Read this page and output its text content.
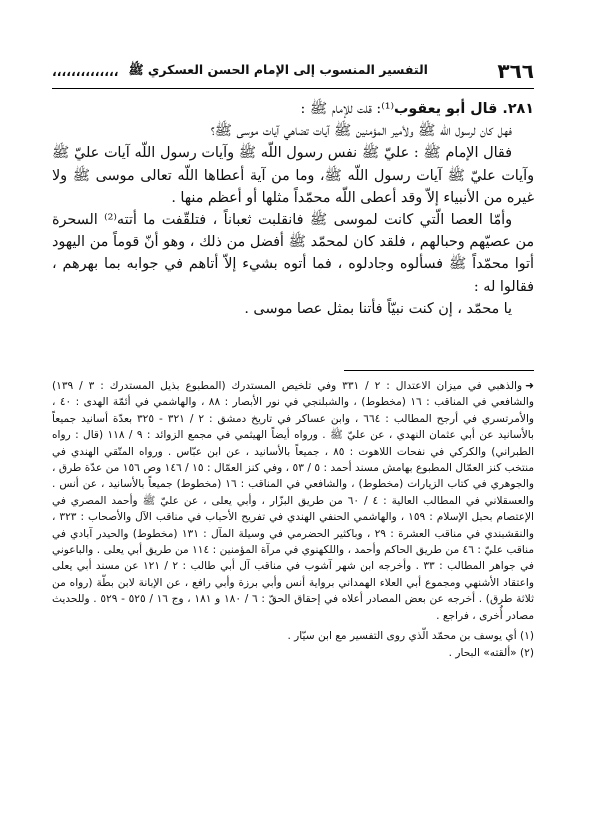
٣٦٦
التفسير المنسوب إلى الإمام الحسن العسكري ﷺ
،،،،،،،،،،،،،،

٢٨١. قال أبو يعقوب⁽¹⁾: قلت للإمام ﷺ :

فهل كان لرسول اللّه ﷺ ولأمير المؤمنين ﷺ آيات تضاهي آيات موسى ﷺ؟

فقال الإمام ﷺ : عليّ ﷺ نفس رسول اللّه ﷺ وآيات رسول اللّه آيات عليّ ﷺ وآيات عليّ ﷺ آيات رسول اللّه ﷺ، وما من آية أعطاها اللّه تعالى موسى ﷺ ولا غيره من الأنبياء إلاّ وقد أعطى اللّه محمّداً مثلها أو أعظم منها .

وأمّا العصا الّتي كانت لموسى ﷺ فانقلبت ثعباناً ، فتلقّفت ما أتته⁽²⁾ السحرة من عصيّهم وحبالهم ، فلقد كان لمحمّد ﷺ أفضل من ذلك ، وهو أنّ قوماً من اليهود أتوا محمّداً ﷺ فسألوه وجادلوه ، فما أتوه بشيء إلاّ أتاهم في جوابه بما بهرهم ، فقالوا له :

يا محمّد ، إن كنت نبيّاً فأتنا بمثل عصا موسى .

➜والذهبي في ميزان الاعتدال : ٢ / ٣٣١ وفي تلخيص المستدرك (المطبوع بذيل المستدرك : ٣ / ١٣٩) والشافعي في المناقب : ١٦ (مخطوط) ، والشبلنجي في نور الأبصار : ٨٨ ، والهاشمي في أئمّة الهدى : ٤٠ ، والأمرتسري في أرجح المطالب : ٦٦٤ ، وابن عساكر في تاريخ دمشق : ٢ / ٣٢١ - ٣٢٥ بعدّة أسانيد جميعاً بالأسانيد عن أبي عثمان النهدي ، عن عليّ ﷺ . ورواه أيضاً الهيثمي في مجمع الزوائد : ٩ / ١١٨ (قال : رواه الطبراني) والكركي في نفحات اللاهوت : ٨٥ ، جميعاً بالأسانيد ، عن ابن عبّاس . ورواه المتّقي الهندي في منتخب كنز العمّال المطبوع بهامش مسند أحمد : ٥ / ٥٣ ، وفي كنز العمّال : ١٥ / ١٤٦ وص ١٥٦ من عدّة طرق ، والجوهري في كتاب الزيارات (مخطوط) ، والشافعي في المناقب : ١٦ (مخطوط) جميعاً بالأسانيد ، عن أنس . والعسقلاني في المطالب العالية : ٤ / ٦٠ من طريق البزّار ، وأبي يعلى ، عن عليّ ﷺ وأحمد المصري في الإعتصام بحبل الإسلام : ١٥٩ ، والهاشمي الحنفي الهندي في تفريح الأحباب في مناقب الآل والأصحاب : ٣٢٣ ، والنقشبندي في مناقب العشرة : ٢٩ ، وباكثير الحضرمي في وسيلة المآل : ١٣١ (مخطوط) والحيدر آبادي في مناقب عليّ : ٤٦ من طريق الحاكم وأحمد ، واللكهنوي في مرآة المؤمنين : ١١٤ من طريق أبي يعلى . والباعوني في جواهر المطالب : ٣٣ . وأخرجه ابن شهر آشوب في مناقب آل أبي طالب : ٢ / ١٢١ عن مسند أبي يعلى واعتقاد الأشنهي ومجموع أبي العلاء الهمداني برواية أنس وأبي برزة وأبي رافع ، عن الإبانة لابن بطّة (رواه من ثلاثة طرق) . أخرجه عن بعض المصادر أعلاه في إحقاق الحقّ : ٦ / ١٨٠ و ١٨١ ، وج ١٦ / ٥٢٥ - ٥٢٩ . وللحديث مصادر أُخرى ، فراجع .

(١) أي يوسف بن محمّد الّذي روى التفسير مع ابن سيّار .

(٢) «ألقته» البحار .
